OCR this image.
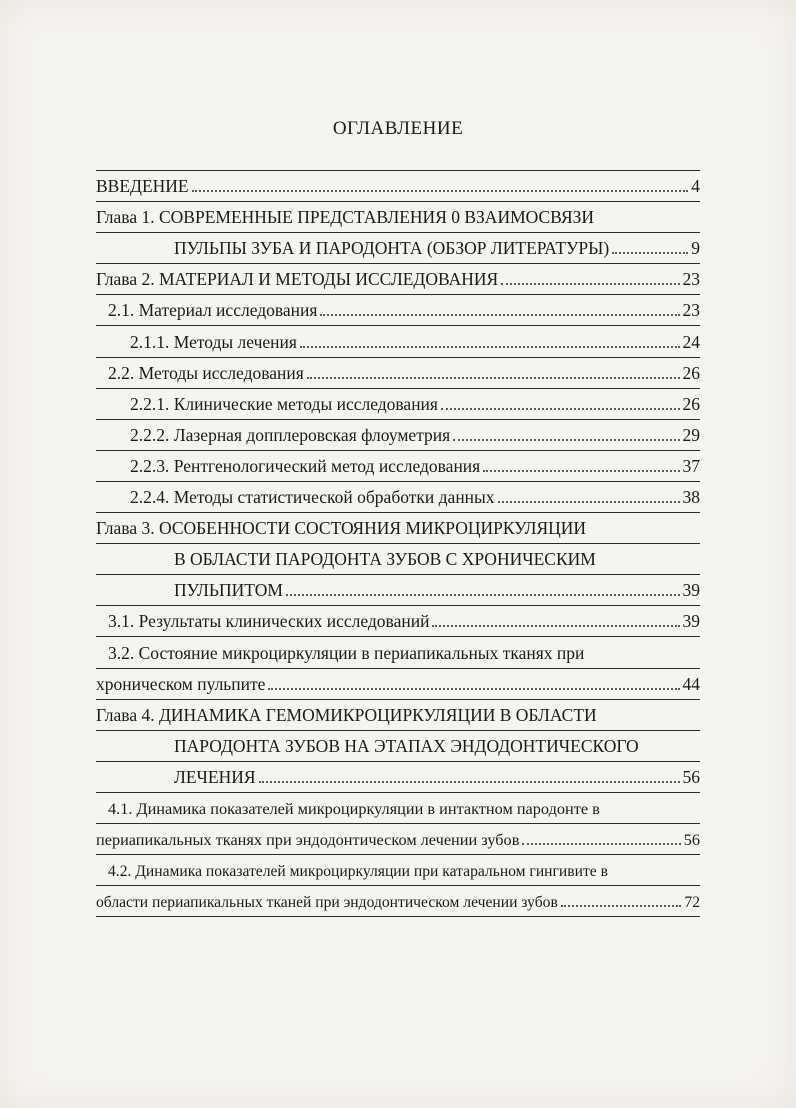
ОГЛАВЛЕНИЕ
ВВЕДЕНИЕ	4
Глава 1. СОВРЕМЕННЫЕ ПРЕДСТАВЛЕНИЯ 0 ВЗАИМОСВЯЗИ
ПУЛЬПЫ ЗУБА И ПАРОДОНТА (ОБЗОР ЛИТЕРАТУРЫ)	9
Глава 2. МАТЕРИАЛ И МЕТОДЫ ИССЛЕДОВАНИЯ	23
2.1. Материал исследования	23
2.1.1. Методы лечения	24
2.2. Методы исследования	26
2.2.1. Клинические методы исследования	26
2.2.2. Лазерная допплеровская флоуметрия	29
2.2.3. Рентгенологический метод исследования	37
2.2.4. Методы статистической обработки данных	38
Глава 3. ОСОБЕННОСТИ СОСТОЯНИЯ МИКРОЦИРКУЛЯЦИИ
В ОБЛАСТИ ПАРОДОНТА ЗУБОВ С ХРОНИЧЕСКИМ
ПУЛЬПИТОМ	39
3.1. Результаты клинических исследований	39
3.2. Состояние микроциркуляции в периапикальных тканях при
хроническом пульпите	44
Глава 4. ДИНАМИКА ГЕМОМИКРОЦИРКУЛЯЦИИ В ОБЛАСТИ
ПАРОДОНТА ЗУБОВ НА ЭТАПАХ ЭНДОДОНТИЧЕСКОГО
ЛЕЧЕНИЯ	56
4.1. Динамика показателей микроциркуляции в интактном пародонте в
периапикальных тканях при эндодонтическом лечении зубов	56
4.2. Динамика показателей микроциркуляции при катаральном гингивите в
области периапикальных тканей при эндодонтическом лечении зубов	72
